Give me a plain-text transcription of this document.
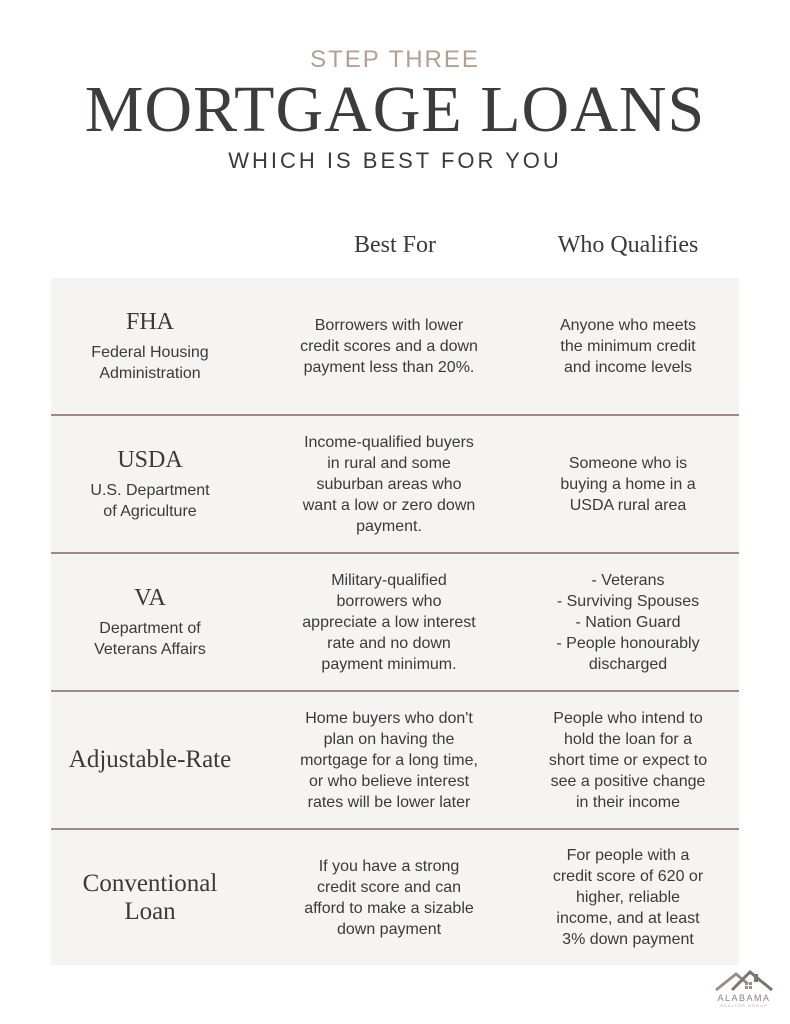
STEP THREE
MORTGAGE LOANS
WHICH IS BEST FOR YOU
Best For	Who Qualifies
FHA
Federal Housing
Administration
Borrowers with lower
credit scores and a down
payment less than 20%.
Anyone who meets
the minimum credit
and income levels
USDA
U.S. Department
of Agriculture
Income-qualified buyers
in rural and some
suburban areas who
want a low or zero down
payment.
Someone who is
buying a home in a
USDA rural area
VA
Department of
Veterans Affairs
Military-qualified
borrowers who
appreciate a low interest
rate and no down
payment minimum.
- Veterans
- Surviving Spouses
- Nation Guard
- People honourably
discharged
Adjustable-Rate
Home buyers who don't
plan on having the
mortgage for a long time,
or who believe interest
rates will be lower later
People who intend to
hold the loan for a
short time or expect to
see a positive change
in their income
Conventional
Loan
If you have a strong
credit score and can
afford to make a sizable
down payment
For people with a
credit score of 620 or
higher, reliable
income, and at least
3% down payment
ALABAMA
REALTOR GROUP
